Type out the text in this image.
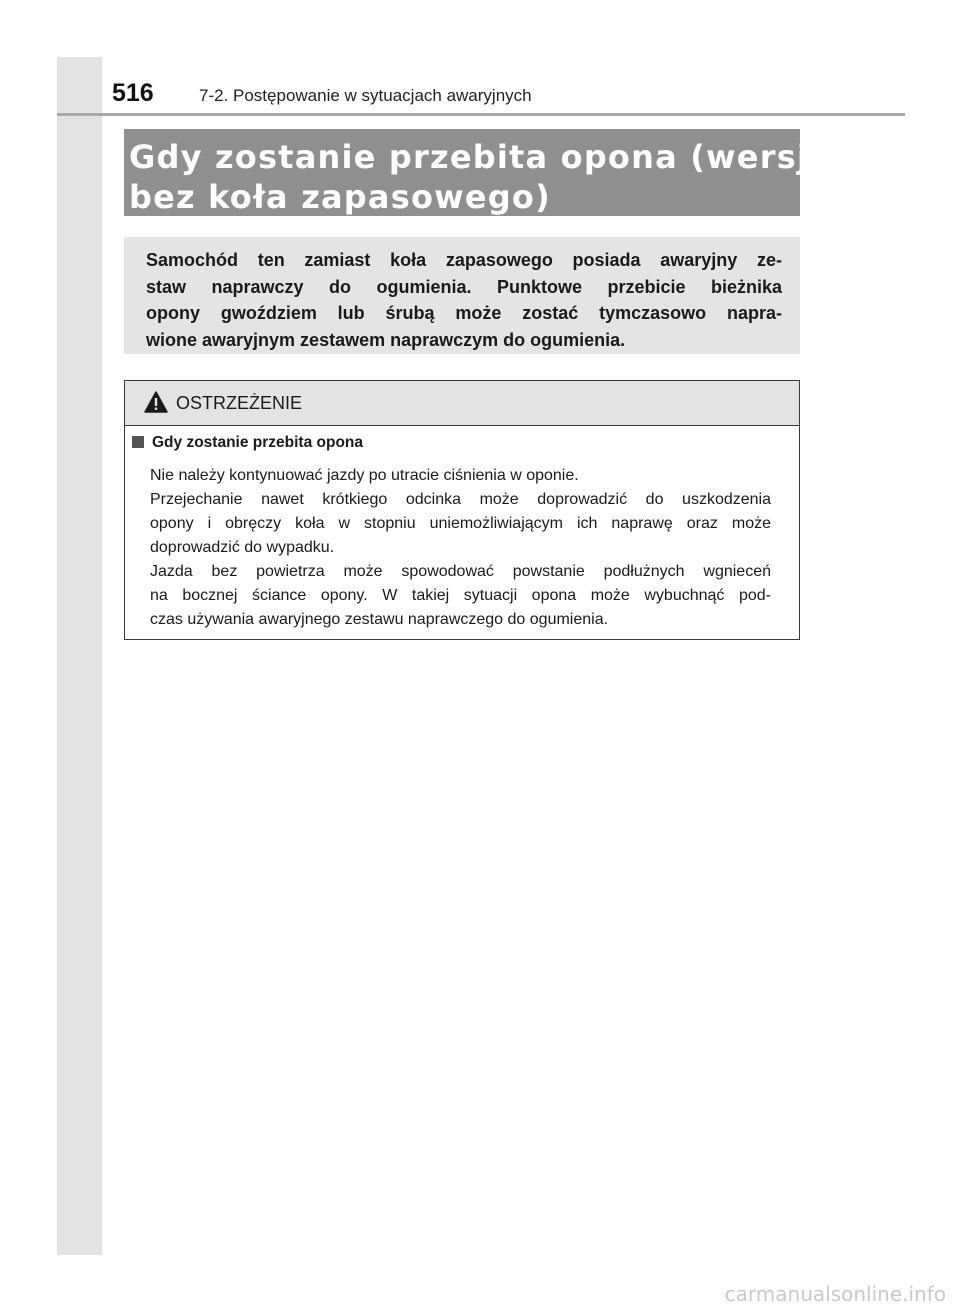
516	7-2. Postępowanie w sytuacjach awaryjnych
Gdy zostanie przebita opona (wersje
bez koła zapasowego)
Samochód ten zamiast koła zapasowego posiada awaryjny ze-
staw naprawczy do ogumienia. Punktowe przebicie bieżnika
opony gwoździem lub śrubą może zostać tymczasowo napra-
wione awaryjnym zestawem naprawczym do ogumienia.
OSTRZEŻENIE
Gdy zostanie przebita opona
Nie należy kontynuować jazdy po utracie ciśnienia w oponie.
Przejechanie nawet krótkiego odcinka może doprowadzić do uszkodzenia
opony i obręczy koła w stopniu uniemożliwiającym ich naprawę oraz może
doprowadzić do wypadku.
Jazda bez powietrza może spowodować powstanie podłużnych wgnieceń
na bocznej ściance opony. W takiej sytuacji opona może wybuchnąć pod-
czas używania awaryjnego zestawu naprawczego do ogumienia.
carmanualsonline.info
